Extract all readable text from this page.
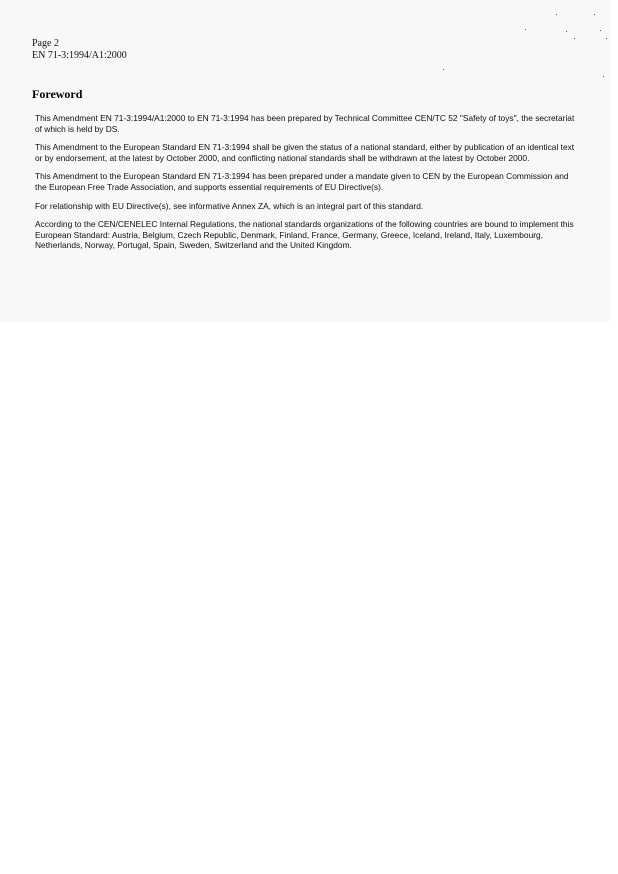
Page 2
EN 71-3:1994/A1:2000
Foreword

This Amendment EN 71-3:1994/A1:2000 to EN 71-3:1994 has been prepared by Technical Committee CEN/TC 52 "Safety of toys", the secretariat of which is held by DS.

This Amendment to the European Standard EN 71-3:1994 shall be given the status of a national standard, either by publication of an identical text or by endorsement, at the latest by October 2000, and conflicting national standards shall be withdrawn at the latest by October 2000.

This Amendment to the European Standard EN 71-3:1994 has been prepared under a mandate given to CEN by the European Commission and the European Free Trade Association, and supports essential requirements of EU Directive(s).

For relationship with EU Directive(s), see informative Annex ZA, which is an integral part of this standard.

According to the CEN/CENELEC Internal Regulations, the national standards organizations of the following countries are bound to implement this European Standard: Austria, Belgium, Czech Republic, Denmark, Finland, France, Germany, Greece, Iceland, Ireland, Italy, Luxembourg, Netherlands, Norway, Portugal, Spain, Sweden, Switzerland and the United Kingdom.
